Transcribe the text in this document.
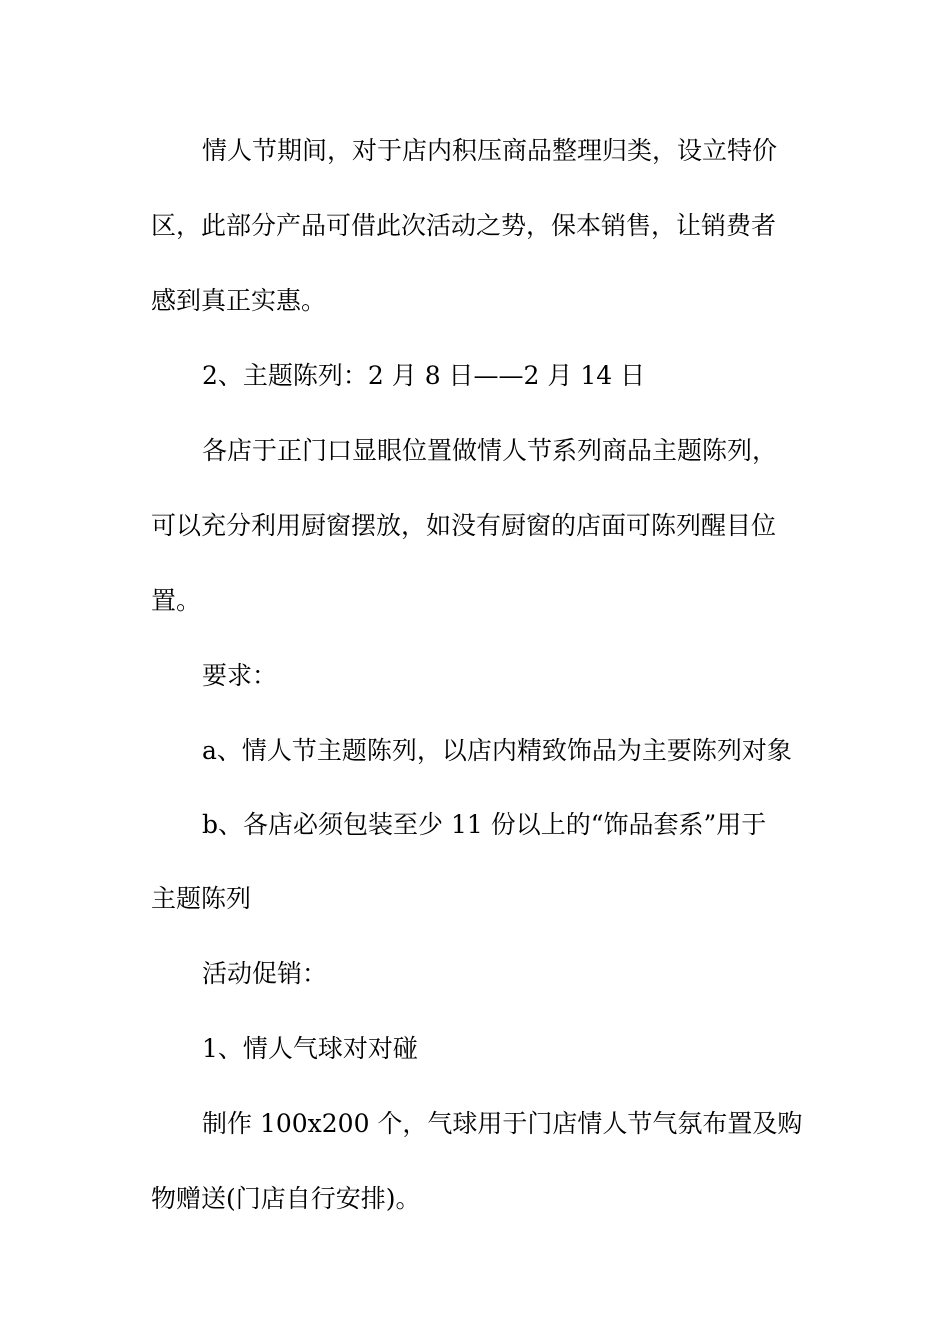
情人节期间，对于店内积压商品整理归类，设立特价
区，此部分产品可借此次活动之势，保本销售，让销费者
感到真正实惠。
2、主题陈列：2 月 8 日——2 月 14 日
各店于正门口显眼位置做情人节系列商品主题陈列，
可以充分利用厨窗摆放，如没有厨窗的店面可陈列醒目位
置。
要求：
a、情人节主题陈列，以店内精致饰品为主要陈列对象
b、各店必须包装至少 11 份以上的“饰品套系”用于
主题陈列
活动促销：
1、情人气球对对碰
制作 100x200 个，气球用于门店情人节气氛布置及购
物赠送(门店自行安排)。
